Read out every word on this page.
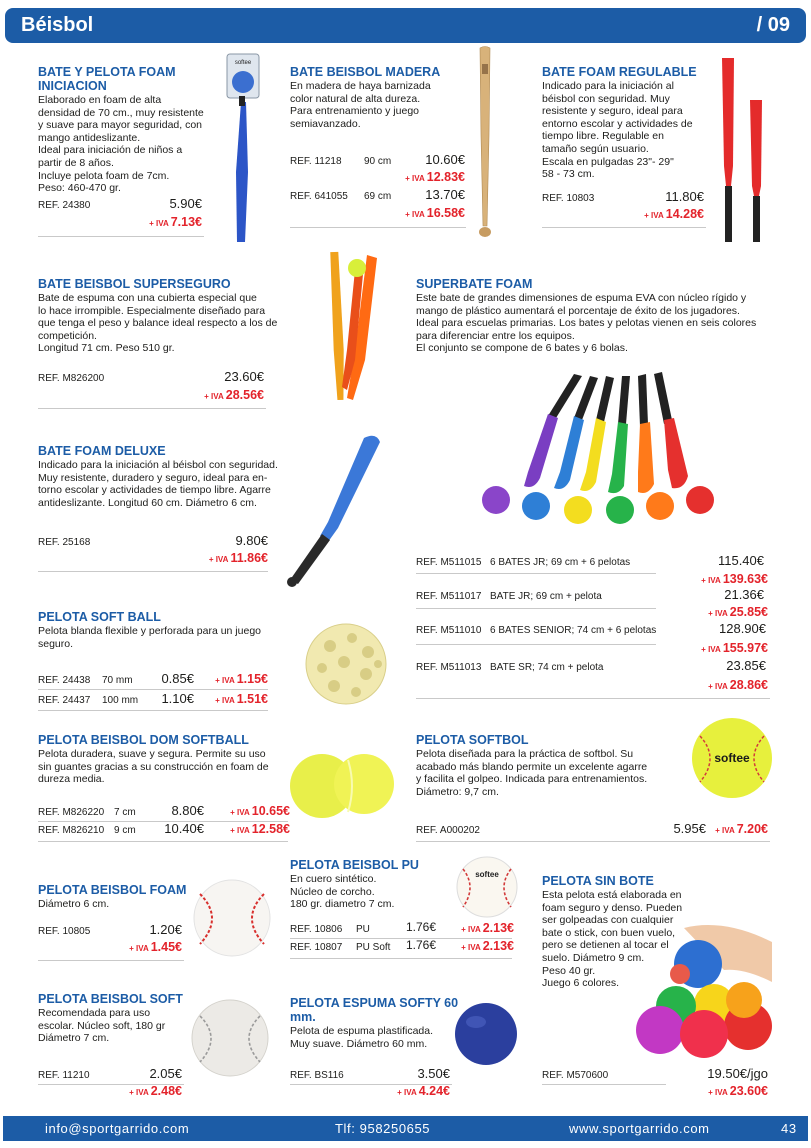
Béisbol	/ 09
BATE Y PELOTA FOAM
INICIACION
Elaborado en foam de alta
densidad de 70 cm., muy resistente
y suave para mayor seguridad, con
mango antideslizante.
Ideal para iniciación de niños a
partir de 8 años.
Incluye pelota foam de 7cm.
Peso: 460-470 gr.
REF. 24380	5.90€
+ IVA 7.13€
softee
BATE BEISBOL MADERA
En madera de haya barnizada
color natural de alta dureza.
Para entrenamiento y juego
semiavanzado.
REF. 11218 90 cm	10.60€
+ IVA 12.83€
REF. 641055 69 cm	13.70€
+ IVA 16.58€
BATE FOAM REGULABLE
Indicado para la iniciación al
béisbol con seguridad. Muy
resistente y seguro, ideal para
entorno escolar y actividades de
tiempo libre. Regulable en
tamaño según usuario.
Escala en pulgadas 23"- 29"
58 - 73 cm.
REF. 10803	11.80€
+ IVA 14.28€
BATE BEISBOL SUPERSEGURO
Bate de espuma con una cubierta especial que
lo hace irrompible. Especialmente diseñado para
que tenga el peso y balance ideal respecto a los de
competición.
Longitud 71 cm. Peso 510 gr.
REF. M826200	23.60€
+ IVA 28.56€
SUPERBATE FOAM
Este bate de grandes dimensiones de espuma EVA con núcleo rígido y
mango de plástico aumentará el porcentaje de éxito de los jugadores.
Ideal para escuelas primarias. Los bates y pelotas vienen en seis colores
para diferenciar entre los equipos.
El conjunto se compone de 6 bates y 6 bolas.
REF. M511015 6 BATES JR; 69 cm + 6 pelotas	115.40€
+ IVA 139.63€
REF. M511017 BATE JR; 69 cm + pelota	21.36€
+ IVA 25.85€
REF. M511010 6 BATES SENIOR; 74 cm + 6 pelotas	128.90€
+ IVA 155.97€
REF. M511013 BATE SR; 74 cm + pelota	23.85€
+ IVA 28.86€
BATE FOAM DELUXE
Indicado para la iniciación al béisbol con seguridad.
Muy resistente, duradero y seguro, ideal para en-
torno escolar y actividades de tiempo libre. Agarre
antideslizante. Longitud 60 cm. Diámetro 6 cm.
REF. 25168	9.80€
+ IVA 11.86€
PELOTA SOFT BALL
Pelota blanda flexible y perforada para un juego
seguro.
REF. 24438 70 mm	0.85€	+ IVA 1.15€
REF. 24437 100 mm	1.10€	+ IVA 1.51€
PELOTA BEISBOL DOM SOFTBALL
Pelota duradera, suave y segura. Permite su uso
sin guantes gracias a su construcción en foam de
dureza media.
REF. M826220 7 cm	8.80€	+ IVA 10.65€
REF. M826210 9 cm	10.40€	+ IVA 12.58€
PELOTA SOFTBOL
Pelota diseñada para la práctica de softbol. Su
acabado más blando permite un excelente agarre
y facilita el golpeo. Indicada para entrenamientos.
Diámetro: 9,7 cm.
REF. A000202	5.95€	+ IVA 7.20€
softee
PELOTA BEISBOL PU
En cuero sintético.
Núcleo de corcho.
180 gr. diametro 7 cm.
REF. 10806 PU	1.76€	+ IVA 2.13€
REF. 10807 PU Soft	1.76€	+ IVA 2.13€
softee	PELOTA SIN BOTE
Esta pelota está elaborada en
foam seguro y denso. Pueden
ser golpeadas con cualquier
bate o stick, con buen vuelo,
pero se detienen al tocar el
suelo. Diámetro 9 cm.
Peso 40 gr.
Juego 6 colores.
REF. M570600	19.50€/jgo
+ IVA 23.60€
PELOTA BEISBOL FOAM
Diámetro 6 cm.
REF. 10805	1.20€
+ IVA 1.45€
PELOTA BEISBOL SOFT
Recomendada para uso
escolar. Núcleo soft, 180 gr
Diámetro 7 cm.
REF. 11210	2.05€
+ IVA 2.48€
PELOTA ESPUMA SOFTY 60
mm.
Pelota de espuma plastificada.
Muy suave. Diámetro 60 mm.
REF. BS116	3.50€
+ IVA 4.24€
info@sportgarrido.com	Tlf: 958250655	www.sportgarrido.com	43
